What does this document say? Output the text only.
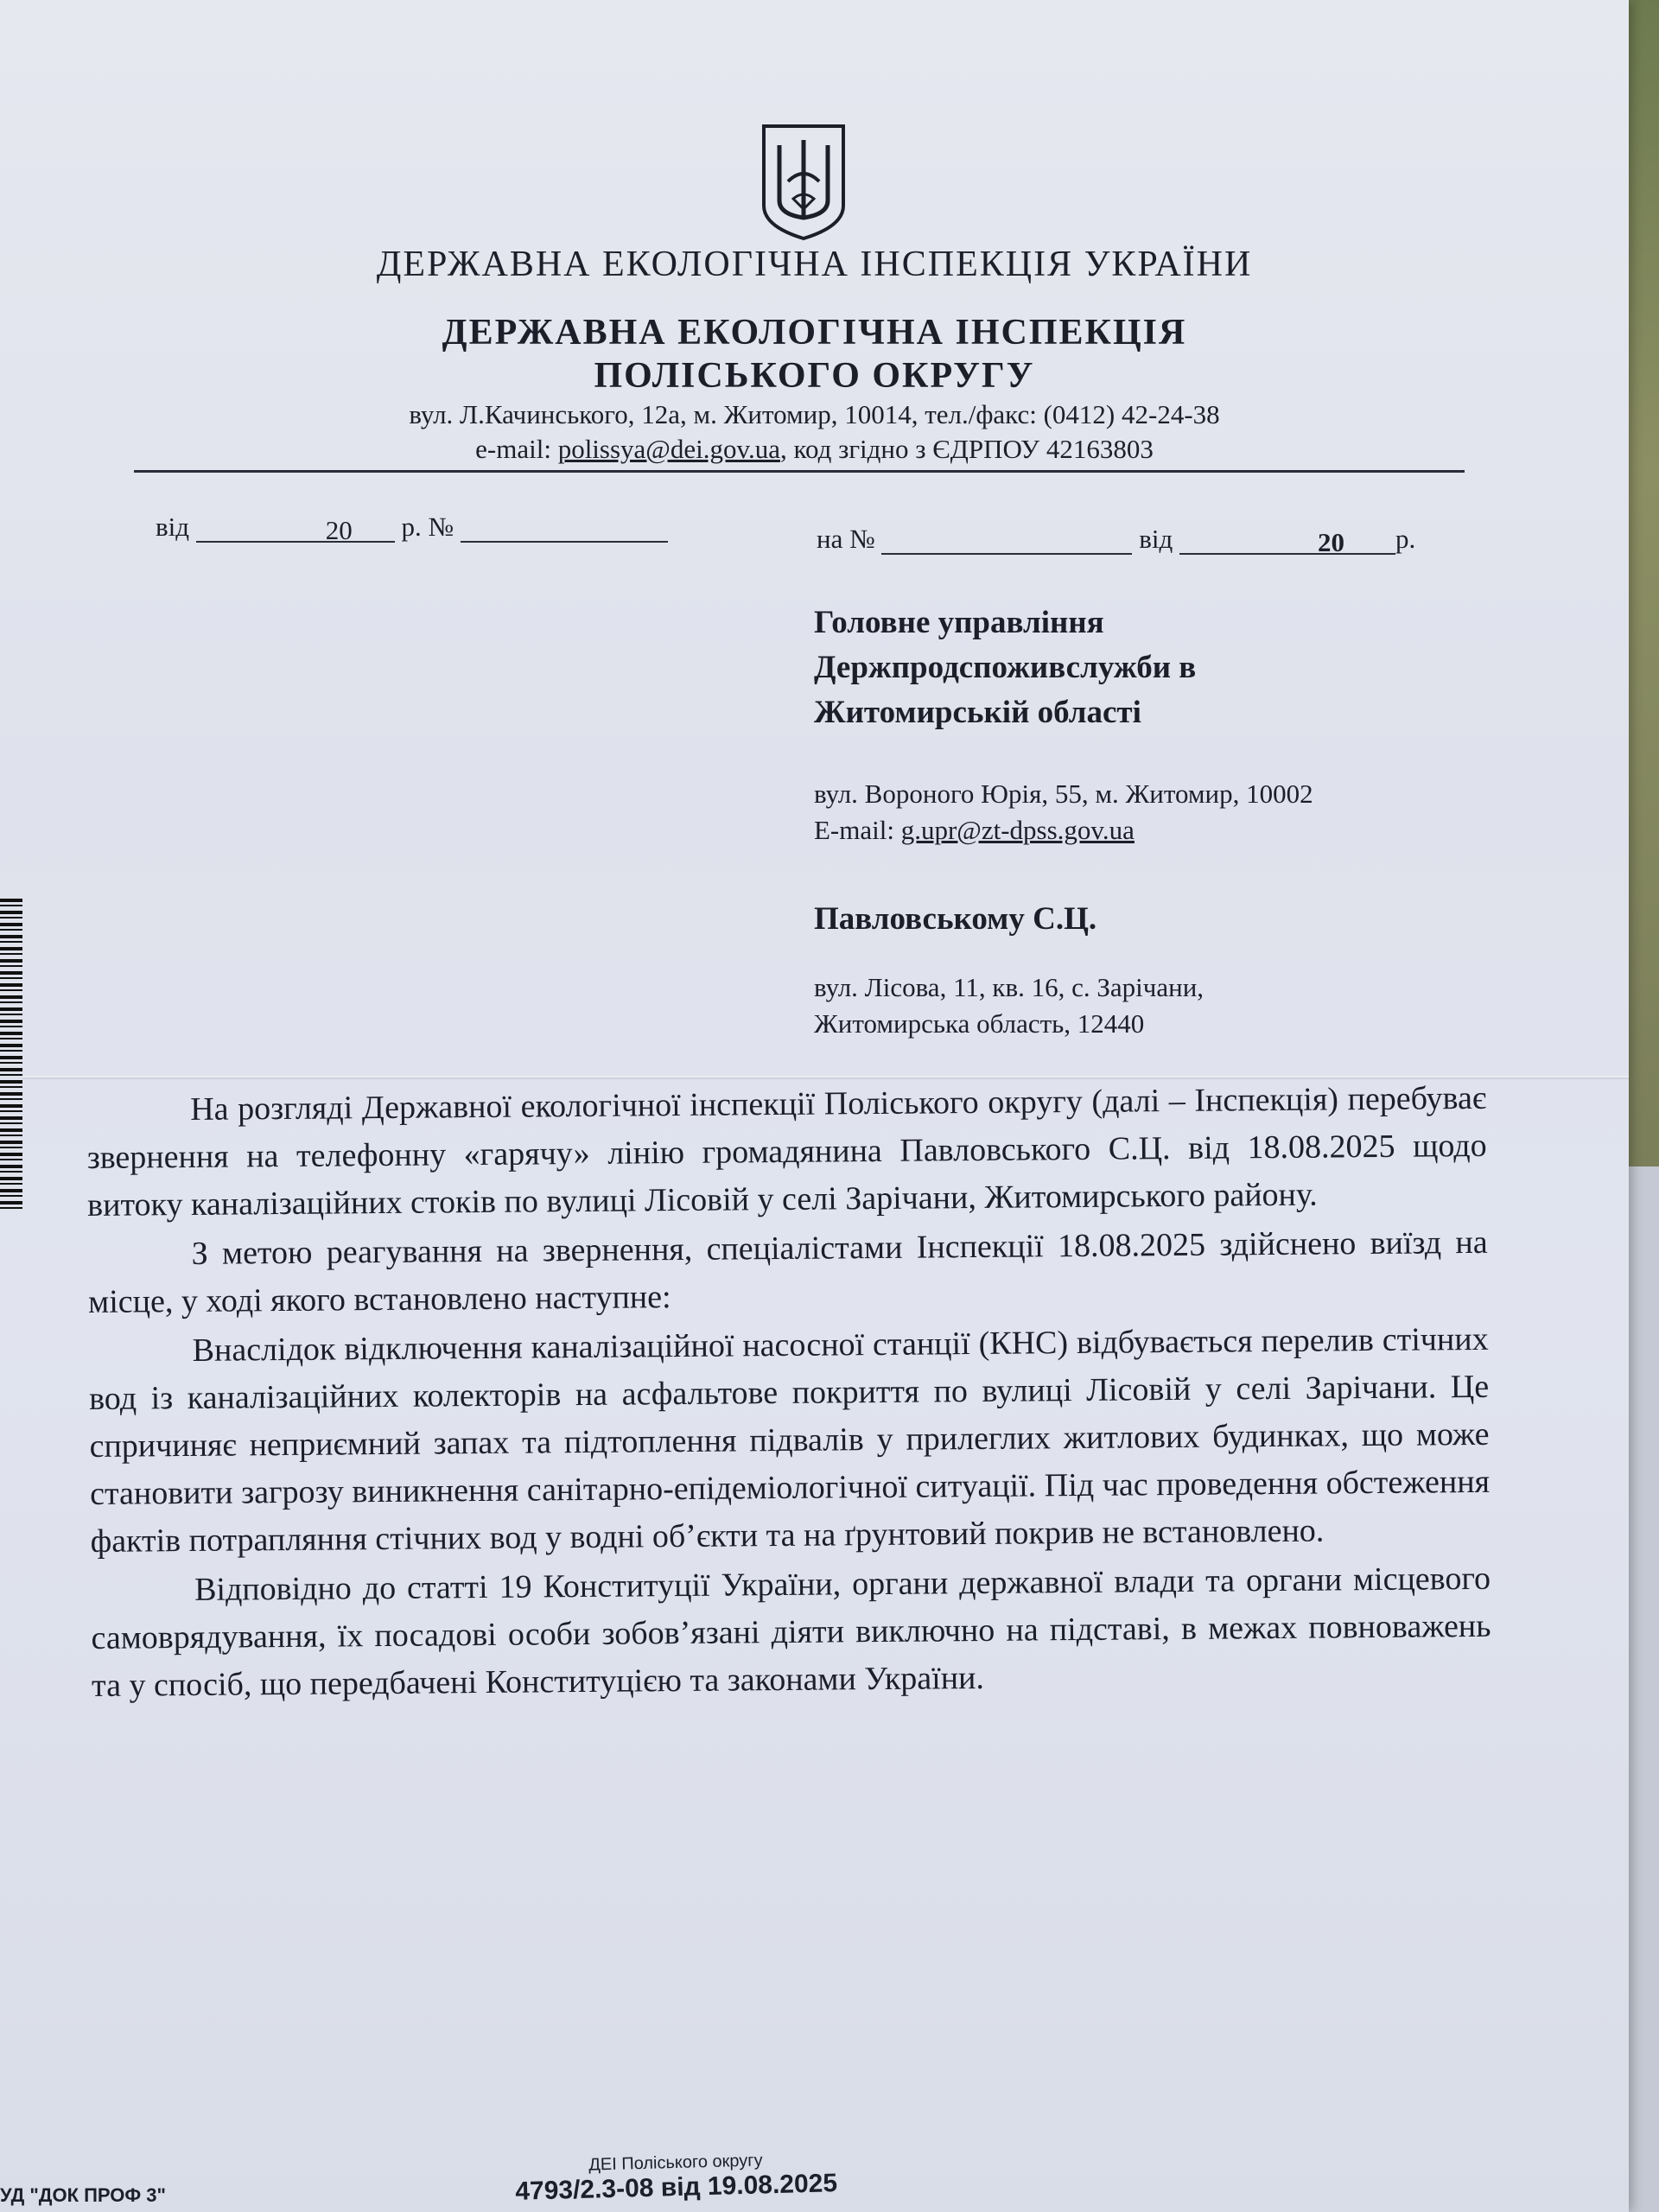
ДЕРЖАВНА ЕКОЛОГІЧНА ІНСПЕКЦІЯ УКРАЇНИ
ДЕРЖАВНА ЕКОЛОГІЧНА ІНСПЕКЦІЯ
ПОЛІСЬКОГО ОКРУГУ
вул. Л.Качинського, 12а, м. Житомир, 10014, тел./факс: (0412) 42-24-38
e-mail: polissya@dei.gov.ua, код згідно з ЄДРПОУ 42163803
від	20 р. №	на №	від	20 р.
Головне управління
Держпродспоживслужби в
Житомирській області
вул. Вороного Юрія, 55, м. Житомир, 10002
E-mail: g.upr@zt-dpss.gov.ua
Павловському С.Ц.
вул. Лісова, 11, кв. 16, с. Зарічани,
Житомирська область, 12440

На розгляді Державної екологічної інспекції Поліського округу (далі – Інспекція) перебуває звернення на телефонну «гарячу» лінію громадянина Павловського С.Ц. від 18.08.2025 щодо витоку каналізаційних стоків по вулиці Лісовій у селі Зарічани, Житомирського району.

З метою реагування на звернення, спеціалістами Інспекції 18.08.2025 здійснено виїзд на місце, у ході якого встановлено наступне:

Внаслідок відключення каналізаційної насосної станції (КНС) відбувається перелив стічних вод із каналізаційних колекторів на асфальтове покриття по вулиці Лісовій у селі Зарічани. Це спричиняє неприємний запах та підтоплення підвалів у прилеглих житлових будинках, що може становити загрозу виникнення санітарно-епідеміологічної ситуації. Під час проведення обстеження фактів потрапляння стічних вод у водні об’єкти та на ґрунтовий покрив не встановлено.

Відповідно до статті 19 Конституції України, органи державної влади та органи місцевого самоврядування, їх посадові особи зобов’язані діяти виключно на підставі, в межах повноважень та у спосіб, що передбачені Конституцією та законами України.

УД "ДОК ПРОФ 3"
ДЕІ Поліського округу
4793/2.3-08 від 19.08.2025
